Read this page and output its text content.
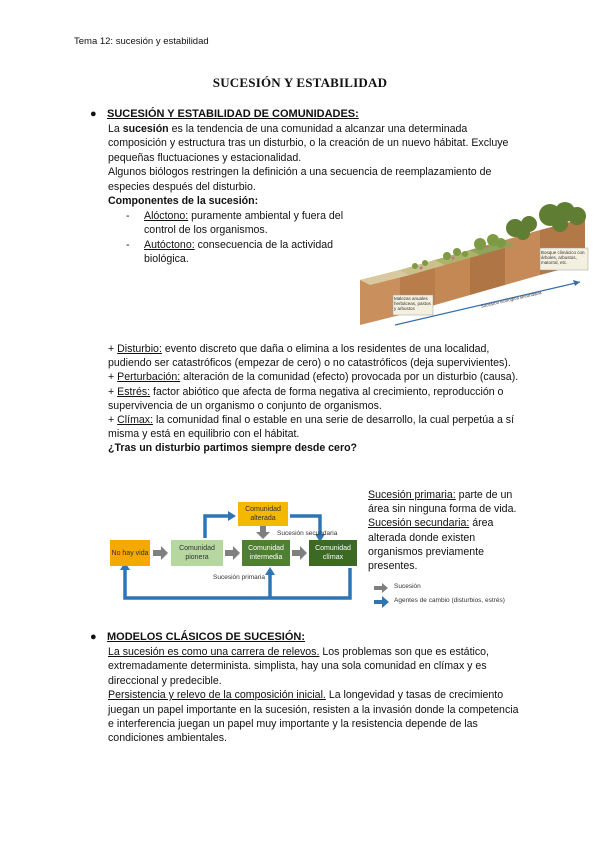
Tema 12: sucesión y estabilidad
SUCESIÓN Y ESTABILIDAD
● SUCESIÓN Y ESTABILIDAD DE COMUNIDADES:

La sucesión es la tendencia de una comunidad a alcanzar una determinada composición y estructura tras un disturbio, o la creación de un nuevo hábitat. Excluye pequeñas fluctuaciones y estacionalidad.

Algunos biólogos restringen la definición a una secuencia de reemplazamiento de especies después del disturbio.

Componentes de la sucesión:

- Alóctono: puramente ambiental y fuera del control de los organismos.
- Autóctono: consecuencia de la actividad biológica.
Bosque climácico con árboles, arbustos, matorral, etc.
Malezas anuales herbáceas, pastos y arbustos	Sucesión ecológica secundaria

+ Disturbio: evento discreto que daña o elimina a los residentes de una localidad, pudiendo ser catastróficos (empezar de cero) o no catastróficos (deja supervivientes).

+ Perturbación: alteración de la comunidad (efecto) provocada por un disturbio (causa).

+ Estrés: factor abiótico que afecta de forma negativa al crecimiento, reproducción o supervivencia de un organismo o conjunto de organismos.

+ Clímax: la comunidad final o estable en una serie de desarrollo, la cual perpetúa a sí misma y está en equilibrio con el hábitat.

¿Tras un disturbio partimos siempre desde cero?

No hay vida
Comunidad pionera
Comunidad intermedia
Comunidad clímax
Comunidad alterada
Sucesión secundaria
Sucesión primaria
Sucesión primaria: parte de un área sin ninguna forma de vida.
Sucesión secundaria: área alterada donde existen organismos previamente presentes.
Sucesión
Agentes de cambio (disturbios, estrés)
● MODELOS CLÁSICOS DE SUCESIÓN:

La sucesión es como una carrera de relevos. Los problemas son que es estático, extremadamente determinista. simplista, hay una sola comunidad en clímax y es direccional y predecible.

Persistencia y relevo de la composición inicial. La longevidad y tasas de crecimiento juegan un papel importante en la sucesión, resisten a la invasión donde la competencia e interferencia juegan un papel muy importante y la resistencia depende de las condiciones ambientales.
